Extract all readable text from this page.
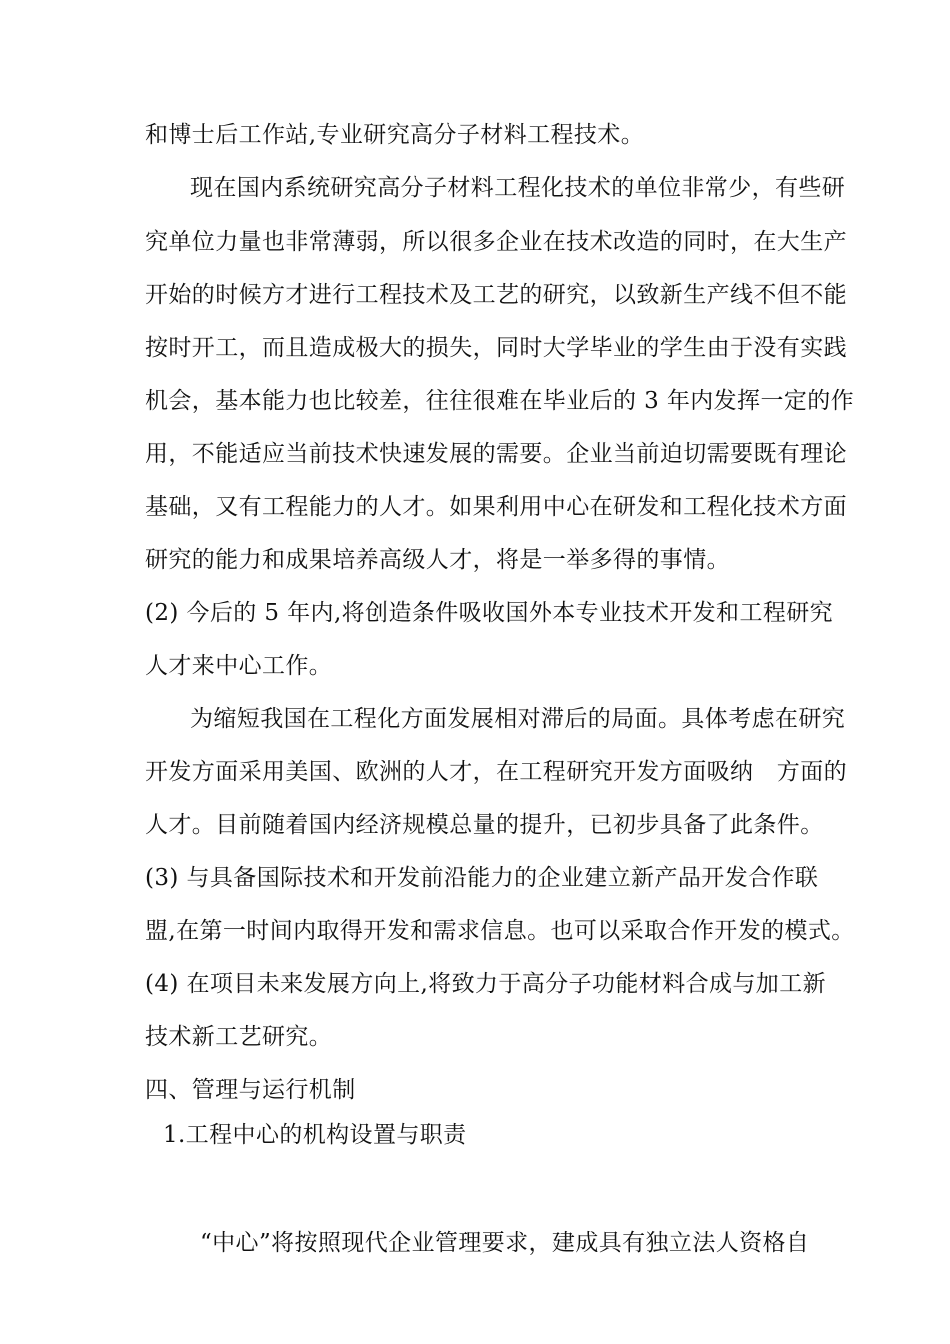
和博士后工作站,专业研究高分子材料工程技术。
现在国内系统研究高分子材料工程化技术的单位非常少，有些研
究单位力量也非常薄弱，所以很多企业在技术改造的同时，在大生产
开始的时候方才进行工程技术及工艺的研究，以致新生产线不但不能
按时开工，而且造成极大的损失，同时大学毕业的学生由于没有实践
机会，基本能力也比较差，往往很难在毕业后的 3 年内发挥一定的作
用，不能适应当前技术快速发展的需要。企业当前迫切需要既有理论
基础，又有工程能力的人才。如果利用中心在研发和工程化技术方面
研究的能力和成果培养高级人才，将是一举多得的事情。
(2) 今后的 5 年内,将创造条件吸收国外本专业技术开发和工程研究
人才来中心工作。
为缩短我国在工程化方面发展相对滞后的局面。具体考虑在研究
开发方面采用美国、欧洲的人才，在工程研究开发方面吸纳　方面的
人才。目前随着国内经济规模总量的提升，已初步具备了此条件。
(3) 与具备国际技术和开发前沿能力的企业建立新产品开发合作联
盟,在第一时间内取得开发和需求信息。也可以采取合作开发的模式。
(4) 在项目未来发展方向上,将致力于高分子功能材料合成与加工新
技术新工艺研究。
四、管理与运行机制
1.工程中心的机构设置与职责
“中心”将按照现代企业管理要求，建成具有独立法人资格自
